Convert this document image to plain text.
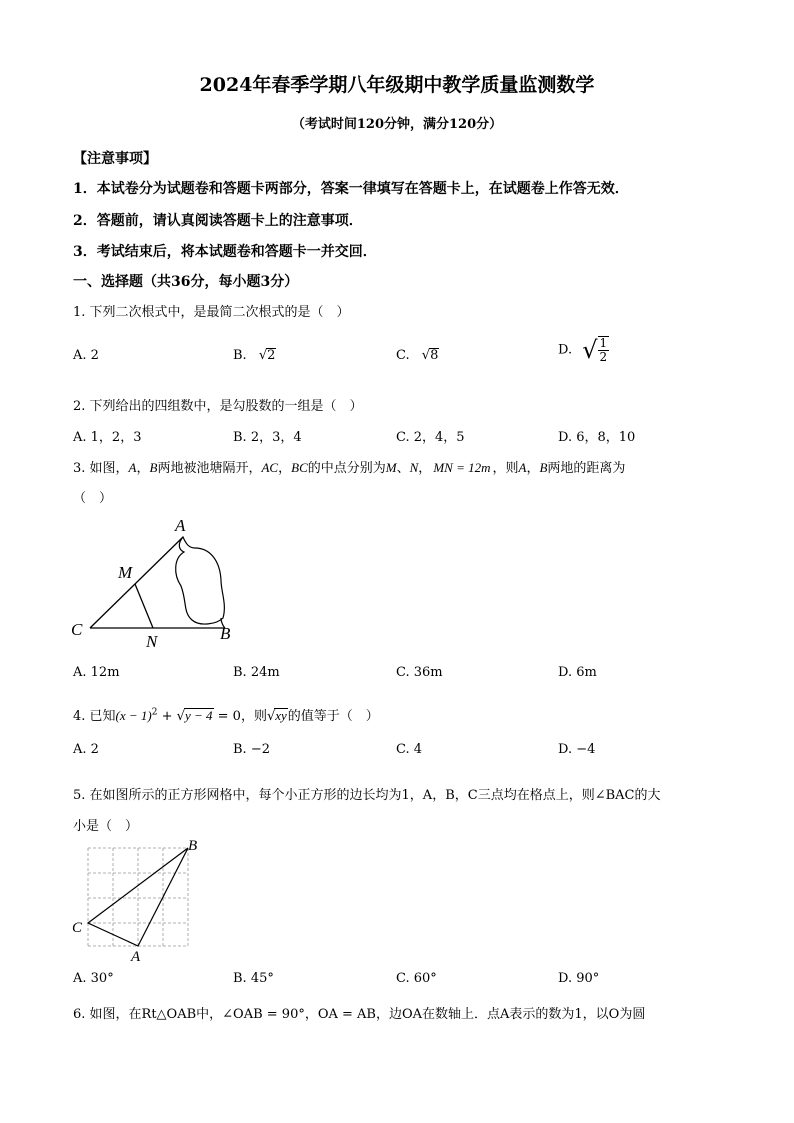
2024年春季学期八年级期中教学质量监测数学
（考试时间120分钟，满分120分）
【注意事项】
1．本试卷分为试题卷和答题卡两部分，答案一律填写在答题卡上，在试题卷上作答无效．
2．答题前，请认真阅读答题卡上的注意事项．
3．考试结束后，将本试题卷和答题卡一并交回．
一、选择题（共36分，每小题3分）
1. 下列二次根式中，是最简二次根式的是（　）
A. 2	B. √2	C. √8	D. √ $\frac{1}{2}$
2. 下列给出的四组数中，是勾股数的一组是（　）
A. 1，2，3	B. 2，3，4	C. 2，4，5	D. 6，8，10
3. 如图，A，B两地被池塘隔开，AC，BC的中点分别为M、N， MN = 12m ，则A，B两地的距离为
（　）
A
M
C
N	B
A. 12m	B. 24m	C. 36m	D. 6m
4. 已知$(x - 1)^2 + √y - 4 = 0$，则√xy的值等于（　）
A. 2	B. −2	C. 4	D. −4
5. 在如图所示的正方形网格中，每个小正方形的边长均为1，A，B，C三点均在格点上，则∠BAC的大
小是（　）
B
C
A
A. 30°	B. 45°	C. 60°	D. 90°
6. 如图，在Rt△OAB中，∠OAB = 90°，OA = AB，边OA在数轴上．点A表示的数为1，以O为圆
